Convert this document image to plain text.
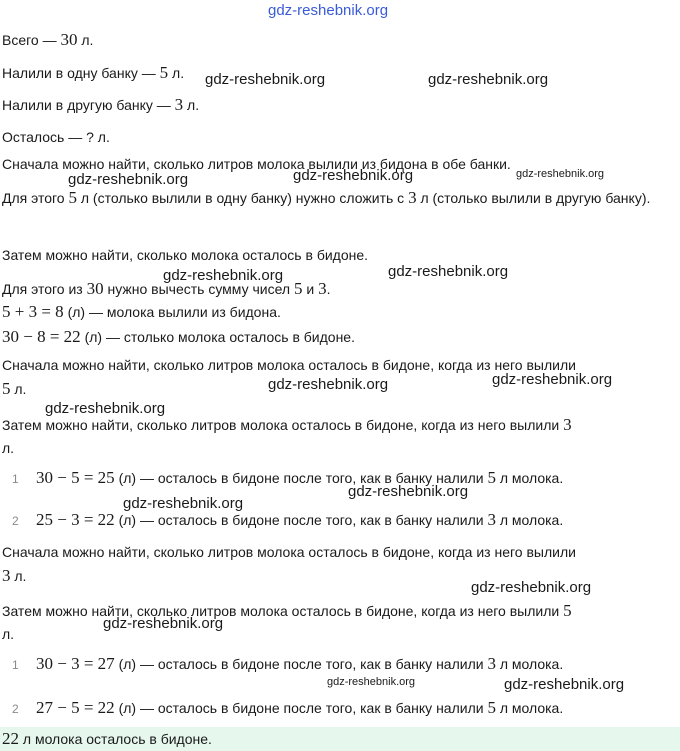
gdz-reshebnik.org
Всего — 30 л.
Налили в одну банку — 5 л.
Налили в другую банку — 3 л.
Осталось — ? л.
Сначала можно найти, сколько литров молока вылили из бидона в обе банки.
Для этого 5 л (столько вылили в одну банку) нужно сложить с 3 л (столько вылили в другую банку).
Затем можно найти, сколько молока осталось в бидоне.
Для этого из 30 нужно вычесть сумму чисел 5 и 3.
5 + 3 = 8 (л) — молока вылили из бидона.
30 − 8 = 22 (л) — столько молока осталось в бидоне.
Сначала можно найти, сколько литров молока осталось в бидоне, когда из него вылили
5 л.
Затем можно найти, сколько литров молока осталось в бидоне, когда из него вылили 3
л.
1 30 − 5 = 25 (л) — осталось в бидоне после того, как в банку налили 5 л молока.
2 25 − 3 = 22 (л) — осталось в бидоне после того, как в банку налили 3 л молока.
Сначала можно найти, сколько литров молока осталось в бидоне, когда из него вылили
3 л.
Затем можно найти, сколько литров молока осталось в бидоне, когда из него вылили 5
л.
1 30 − 3 = 27 (л) — осталось в бидоне после того, как в банку налили 3 л молока.
2 27 − 5 = 22 (л) — осталось в бидоне после того, как в банку налили 5 л молока.
22 л молока осталось в бидоне.
gdz-reshebnik.org	gdz-reshebnik.org
gdz-reshebnik.org	gdz-reshebnik.org	gdz-reshebnik.org
gdz-reshebnik.org	gdz-reshebnik.org
gdz-reshebnik.org	gdz-reshebnik.org
gdz-reshebnik.org
gdz-reshebnik.org
gdz-reshebnik.org
gdz-reshebnik.org
gdz-reshebnik.org
gdz-reshebnik.org	gdz-reshebnik.org
